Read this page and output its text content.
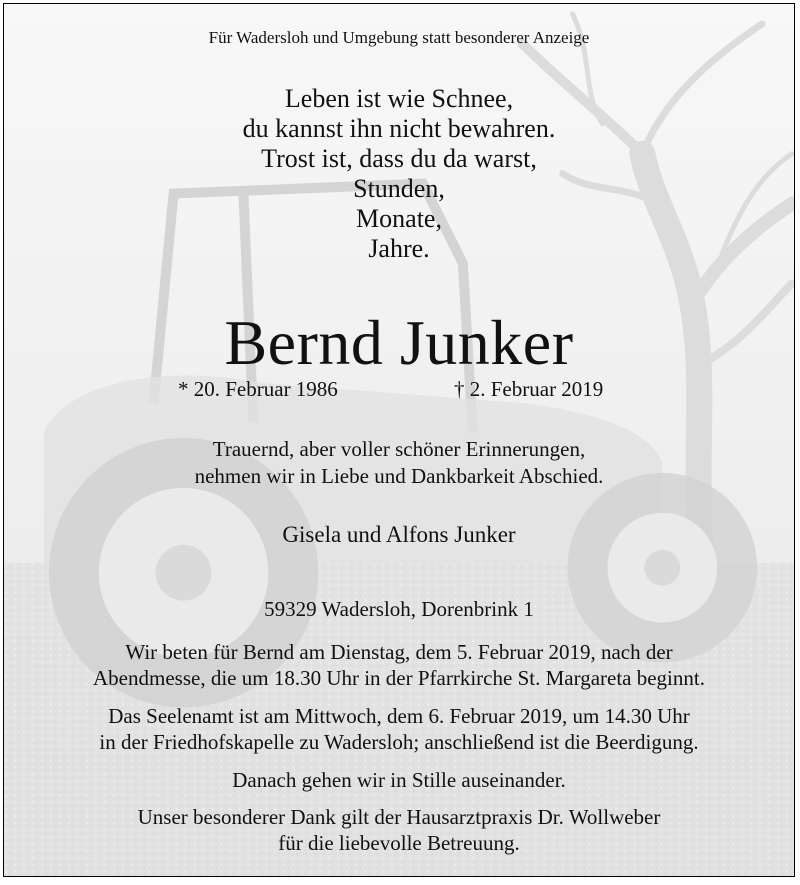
Für Wadersloh und Umgebung statt besonderer Anzeige
Leben ist wie Schnee,
du kannst ihn nicht bewahren.
Trost ist, dass du da warst,
Stunden,
Monate,
Jahre.
Bernd Junker
* 20. Februar 1986	† 2. Februar 2019
Trauernd, aber voller schöner Erinnerungen,
nehmen wir in Liebe und Dankbarkeit Abschied.
Gisela und Alfons Junker
59329 Wadersloh, Dorenbrink 1
Wir beten für Bernd am Dienstag, dem 5. Februar 2019, nach der
Abendmesse, die um 18.30 Uhr in der Pfarrkirche St. Margareta beginnt.
Das Seelenamt ist am Mittwoch, dem 6. Februar 2019, um 14.30 Uhr
in der Friedhofskapelle zu Wadersloh; anschließend ist die Beerdigung.
Danach gehen wir in Stille auseinander.
Unser besonderer Dank gilt der Hausarztpraxis Dr. Wollweber
für die liebevolle Betreuung.
